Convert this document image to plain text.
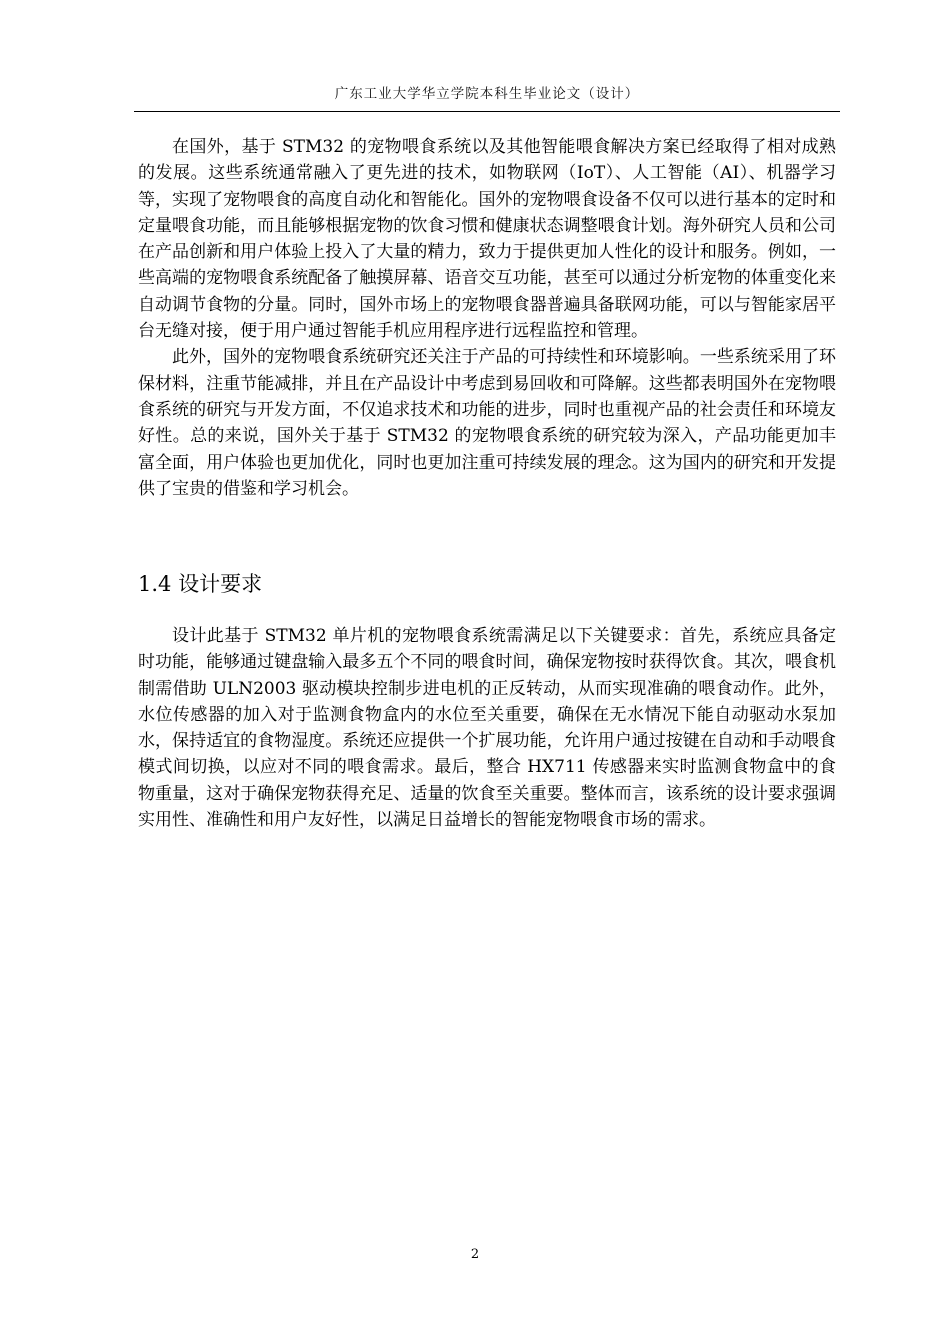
广东工业大学华立学院本科生毕业论文（设计）

在国外，基于 STM32 的宠物喂食系统以及其他智能喂食解决方案已经取得了相对成熟的发展。这些系统通常融入了更先进的技术，如物联网（IoT）、人工智能（AI）、机器学习等，实现了宠物喂食的高度自动化和智能化。国外的宠物喂食设备不仅可以进行基本的定时和定量喂食功能，而且能够根据宠物的饮食习惯和健康状态调整喂食计划。海外研究人员和公司在产品创新和用户体验上投入了大量的精力，致力于提供更加人性化的设计和服务。例如，一些高端的宠物喂食系统配备了触摸屏幕、语音交互功能，甚至可以通过分析宠物的体重变化来自动调节食物的分量。同时，国外市场上的宠物喂食器普遍具备联网功能，可以与智能家居平台无缝对接，便于用户通过智能手机应用程序进行远程监控和管理。

此外，国外的宠物喂食系统研究还关注于产品的可持续性和环境影响。一些系统采用了环保材料，注重节能减排，并且在产品设计中考虑到易回收和可降解。这些都表明国外在宠物喂食系统的研究与开发方面，不仅追求技术和功能的进步，同时也重视产品的社会责任和环境友好性。总的来说，国外关于基于 STM32 的宠物喂食系统的研究较为深入，产品功能更加丰富全面，用户体验也更加优化，同时也更加注重可持续发展的理念。这为国内的研究和开发提供了宝贵的借鉴和学习机会。

1.4 设计要求

设计此基于 STM32 单片机的宠物喂食系统需满足以下关键要求：首先，系统应具备定时功能，能够通过键盘输入最多五个不同的喂食时间，确保宠物按时获得饮食。其次，喂食机制需借助 ULN2003 驱动模块控制步进电机的正反转动，从而实现准确的喂食动作。此外，水位传感器的加入对于监测食物盒内的水位至关重要，确保在无水情况下能自动驱动水泵加水，保持适宜的食物湿度。系统还应提供一个扩展功能，允许用户通过按键在自动和手动喂食模式间切换，以应对不同的喂食需求。最后，整合 HX711 传感器来实时监测食物盒中的食物重量，这对于确保宠物获得充足、适量的饮食至关重要。整体而言，该系统的设计要求强调实用性、准确性和用户友好性，以满足日益增长的智能宠物喂食市场的需求。

2
